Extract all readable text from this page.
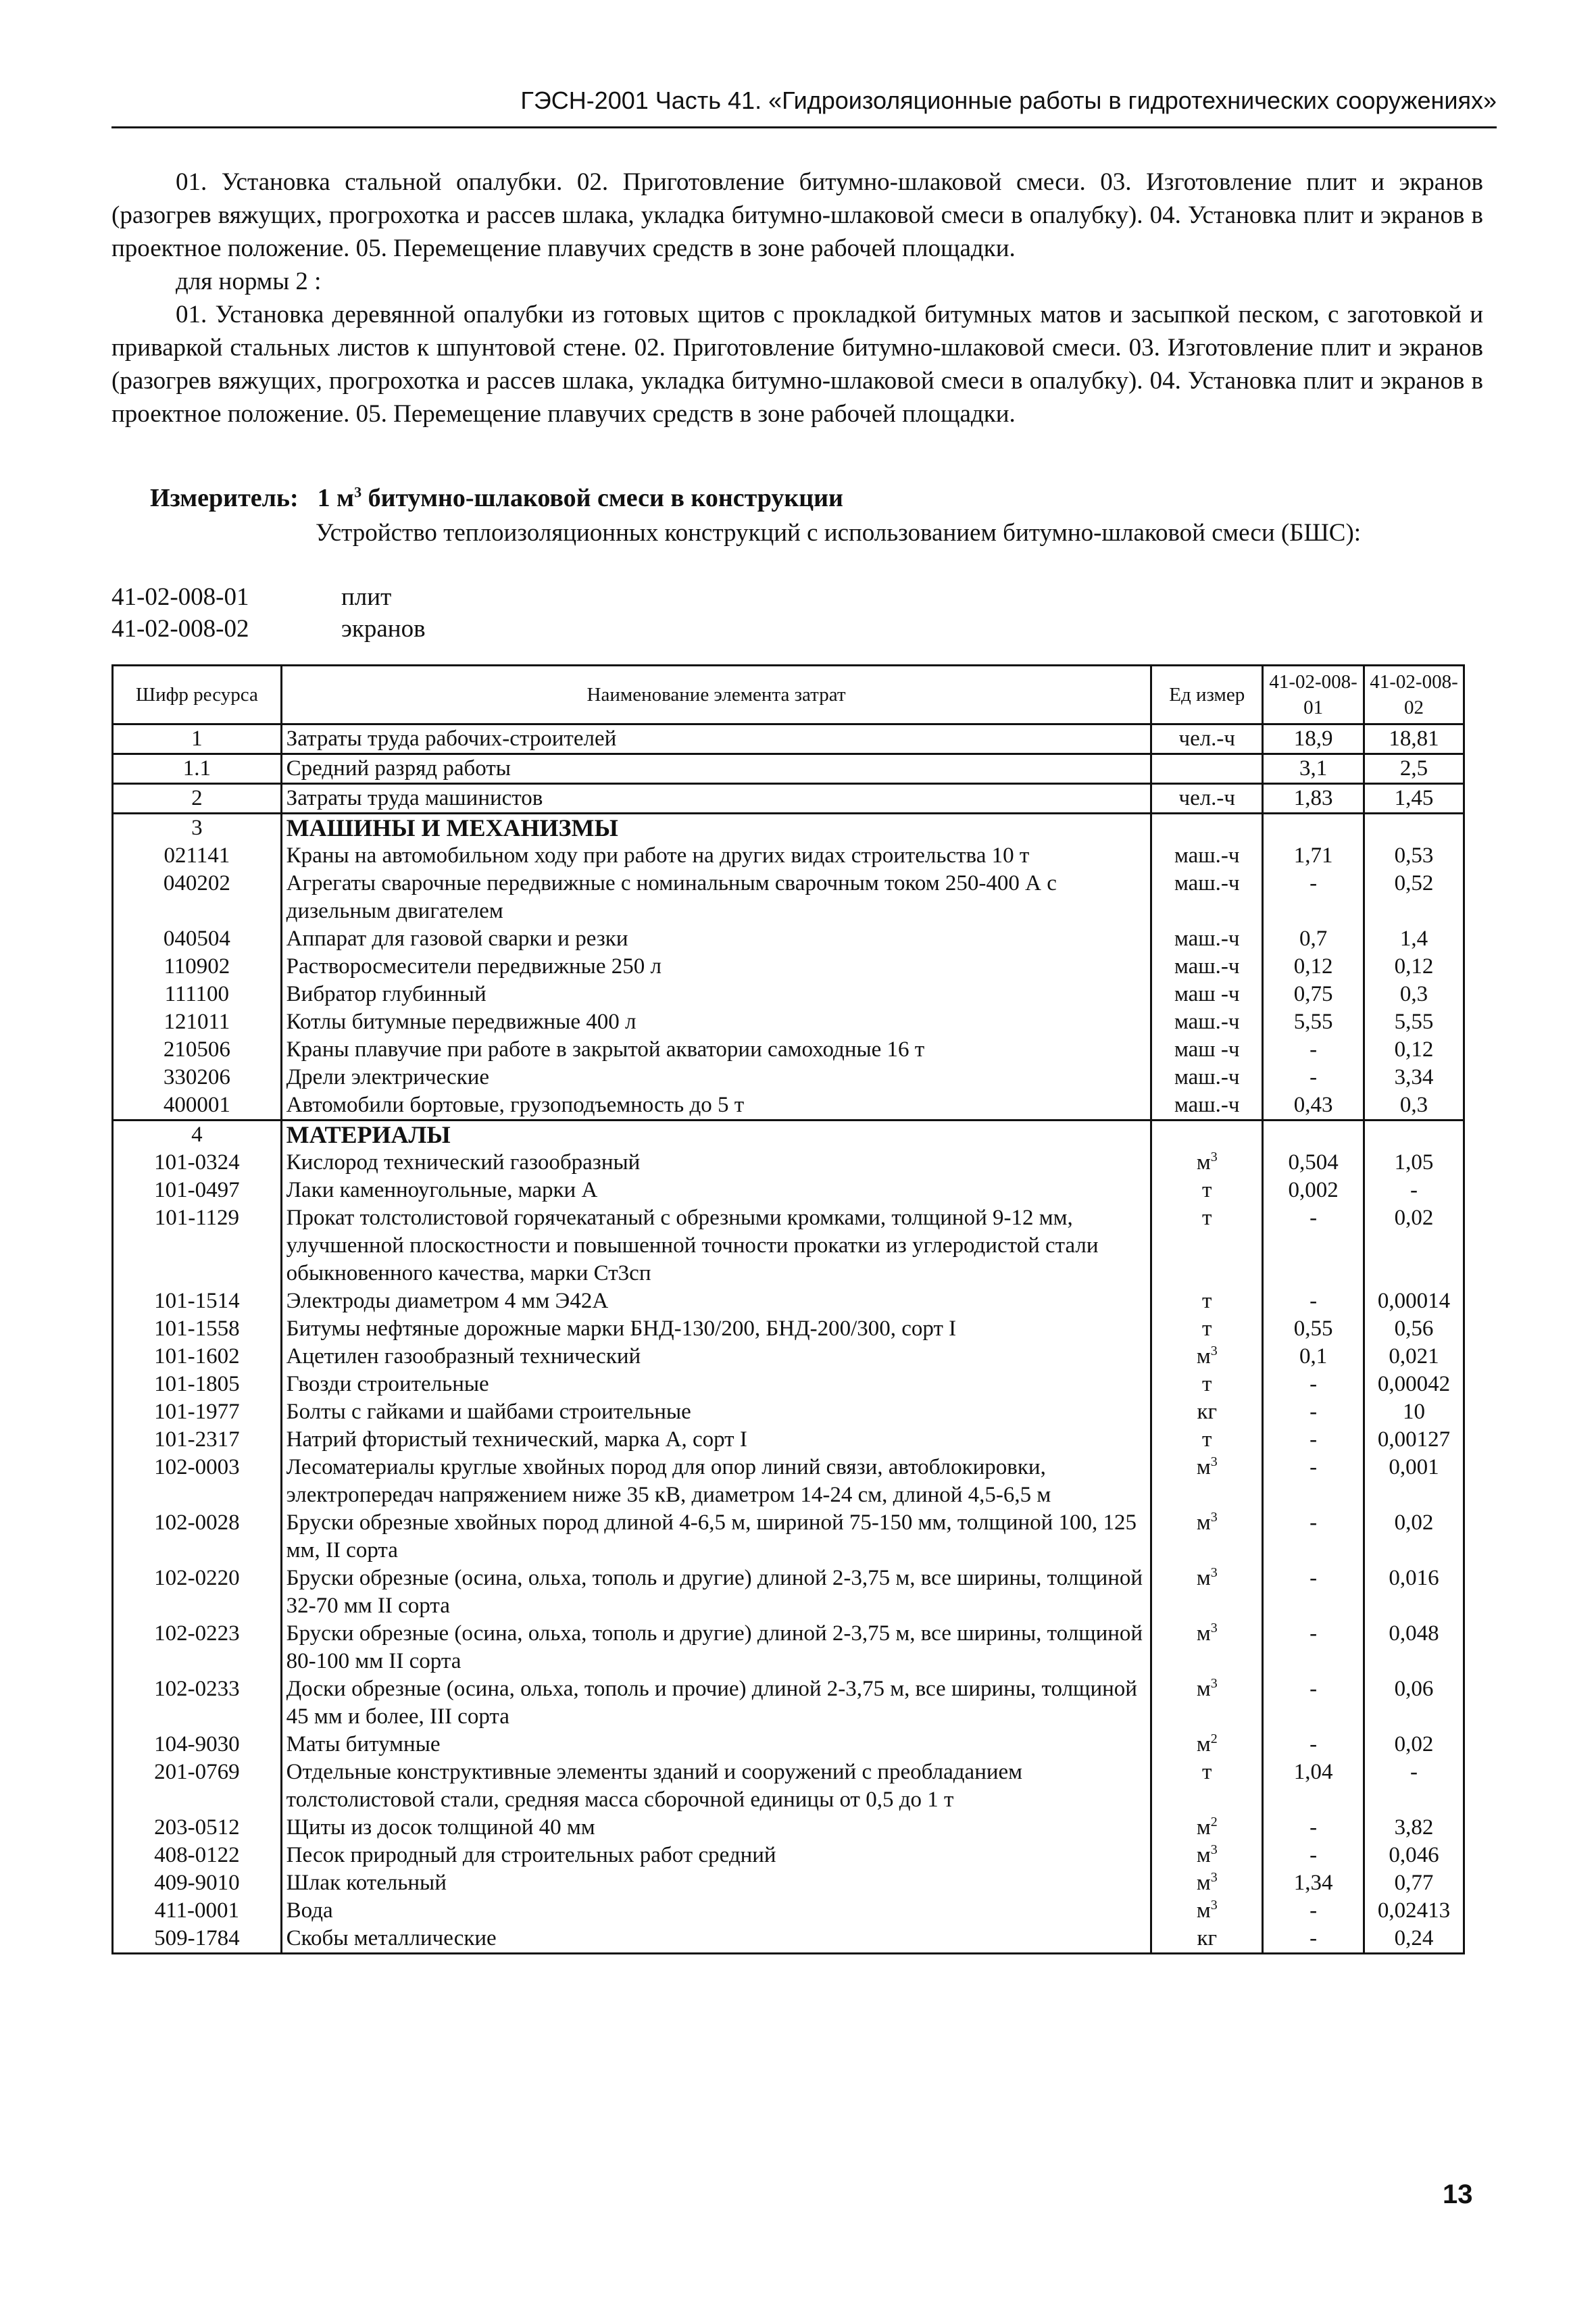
ГЭСН-2001 Часть 41. «Гидроизоляционные работы в гидротехнических сооружениях»

01. Установка стальной опалубки. 02. Приготовление битумно-шлаковой смеси. 03. Изготовление плит и экранов (разогрев вяжущих, прогрохотка и рассев шлака, укладка битумно-шлаковой смеси в опалубку). 04. Установка плит и экранов в проектное положение. 05. Перемещение плавучих средств в зоне рабочей площадки.

для нормы 2 :

01. Установка деревянной опалубки из готовых щитов с прокладкой битумных матов и засыпкой песком, с заготовкой и приваркой стальных листов к шпунтовой стене. 02. Приготовление битумно-шлаковой смеси. 03. Изготовление плит и экранов (разогрев вяжущих, прогрохотка и рассев шлака, укладка битумно-шлаковой смеси в опалубку). 04. Установка плит и экранов в проектное положение. 05. Перемещение плавучих средств в зоне рабочей площадки.

Измеритель: 1 $м^3$ битумно-шлаковой смеси в конструкции
Устройство теплоизоляционных конструкций с использованием битумно-шлаковой смеси (БШС):
41-02-008-01	плит
41-02-008-02	экранов
Шифр ресурса	Наименование элемента затрат	Ед измер	41-02-008-01	41-02-008-02
1	Затраты труда рабочих-строителей	чел.-ч	18,9	18,81
1.1	Средний разряд работы		3,1	2,5
2	Затраты труда машинистов	чел.-ч	1,83	1,45
3	МАШИНЫ И МЕХАНИЗМЫ			
021141	Краны на автомобильном ходу при работе на других видах строительства 10 т	маш.-ч	1,71	0,53
040202	Агрегаты сварочные передвижные с номинальным сварочным током 250-400 А с дизельным двигателем	маш.-ч	-	0,52
040504	Аппарат для газовой сварки и резки	маш.-ч	0,7	1,4
110902	Растворосмесители передвижные 250 л	маш.-ч	0,12	0,12
111100	Вибратор глубинный	маш -ч	0,75	0,3
121011	Котлы битумные передвижные 400 л	маш.-ч	5,55	5,55
210506	Краны плавучие при работе в закрытой акватории самоходные 16 т	маш -ч	-	0,12
330206	Дрели электрические	маш.-ч	-	3,34
400001	Автомобили бортовые, грузоподъемность до 5 т	маш.-ч	0,43	0,3
4	МАТЕРИАЛЫ			
101-0324	Кислород технический газообразный	$м^3$	0,504	1,05
101-0497	Лаки каменноугольные, марки А	т	0,002	-
101-1129	Прокат толстолистовой горячекатаный с обрезными кромками, толщиной 9-12 мм, улучшенной плоскостности и повышенной точности прокатки из углеродистой стали обыкновенного качества, марки Ст3сп	т	-	0,02
101-1514	Электроды диаметром 4 мм Э42А	т	-	0,00014
101-1558	Битумы нефтяные дорожные марки БНД-130/200, БНД-200/300, сорт I	т	0,55	0,56
101-1602	Ацетилен газообразный технический	$м^3$	0,1	0,021
101-1805	Гвозди строительные	т	-	0,00042
101-1977	Болты с гайками и шайбами строительные	кг	-	10
101-2317	Натрий фтористый технический, марка А, сорт I	т	-	0,00127
102-0003	Лесоматериалы круглые хвойных пород для опор линий связи, автоблокировки, электропередач напряжением ниже 35 кВ, диаметром 14-24 см, длиной 4,5-6,5 м	$м^3$	-	0,001
102-0028	Бруски обрезные хвойных пород длиной 4-6,5 м, шириной 75-150 мм, толщиной 100, 125 мм, II сорта	$м^3$	-	0,02
102-0220	Бруски обрезные (осина, ольха, тополь и другие) длиной 2-3,75 м, все ширины, толщиной 32-70 мм II сорта	$м^3$	-	0,016
102-0223	Бруски обрезные (осина, ольха, тополь и другие) длиной 2-3,75 м, все ширины, толщиной 80-100 мм II сорта	$м^3$	-	0,048
102-0233	Доски обрезные (осина, ольха, тополь и прочие) длиной 2-3,75 м, все ширины, толщиной 45 мм и более, III сорта	$м^3$	-	0,06
104-9030	Маты битумные	$м^2$	-	0,02
201-0769	Отдельные конструктивные элементы зданий и сооружений с преобладанием толстолистовой стали, средняя масса сборочной единицы от 0,5 до 1 т	т	1,04	-
203-0512	Щиты из досок толщиной 40 мм	$м^2$	-	3,82
408-0122	Песок природный для строительных работ средний	$м^3$	-	0,046
409-9010	Шлак котельный	$м^3$	1,34	0,77
411-0001	Вода	$м^3$	-	0,02413
509-1784	Скобы металлические	кг	-	0,24
13
